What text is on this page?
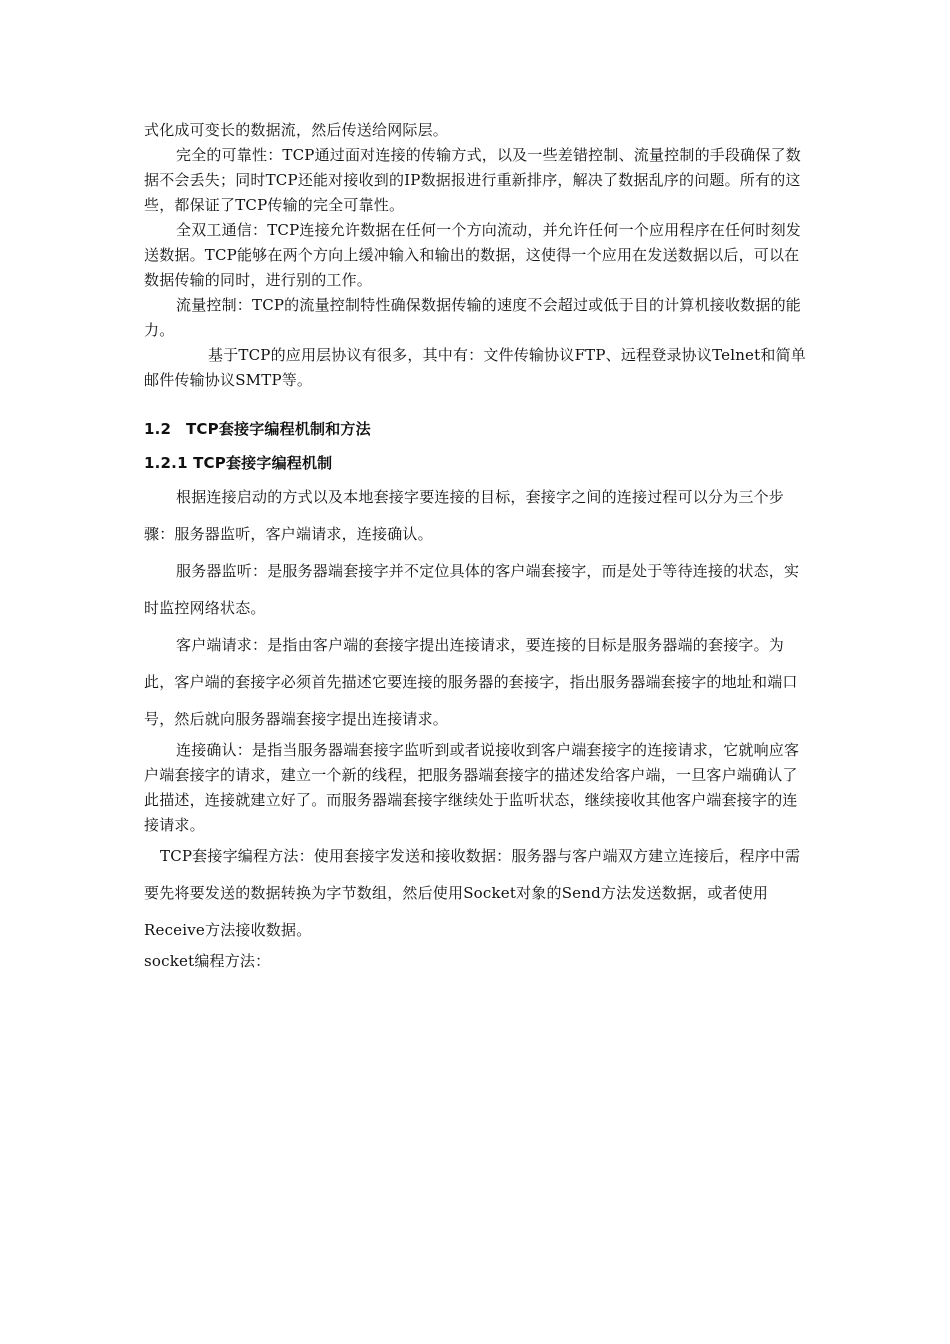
式化成可变长的数据流，然后传送给网际层。

完全的可靠性：TCP通过面对连接的传输方式，以及一些差错控制、流量控制的手段确保了数据不会丢失；同时TCP还能对接收到的IP数据报进行重新排序，解决了数据乱序的问题。所有的这些，都保证了TCP传输的完全可靠性。

全双工通信：TCP连接允许数据在任何一个方向流动，并允许任何一个应用程序在任何时刻发送数据。TCP能够在两个方向上缓冲输入和输出的数据，这使得一个应用在发送数据以后，可以在数据传输的同时，进行别的工作。

流量控制：TCP的流量控制特性确保数据传输的速度不会超过或低于目的计算机接收数据的能力。

基于TCP的应用层协议有很多，其中有：文件传输协议FTP、远程登录协议Telnet和简单邮件传输协议SMTP等。

1.2 TCP套接字编程机制和方法
1.2.1 TCP套接字编程机制

根据连接启动的方式以及本地套接字要连接的目标，套接字之间的连接过程可以分为三个步骤：服务器监听，客户端请求，连接确认。

服务器监听：是服务器端套接字并不定位具体的客户端套接字，而是处于等待连接的状态，实时监控网络状态。

客户端请求：是指由客户端的套接字提出连接请求，要连接的目标是服务器端的套接字。为此，客户端的套接字必须首先描述它要连接的服务器的套接字，指出服务器端套接字的地址和端口号，然后就向服务器端套接字提出连接请求。

连接确认：是指当服务器端套接字监听到或者说接收到客户端套接字的连接请求，它就响应客户端套接字的请求，建立一个新的线程，把服务器端套接字的描述发给客户端，一旦客户端确认了此描述，连接就建立好了。而服务器端套接字继续处于监听状态，继续接收其他客户端套接字的连接请求。

TCP套接字编程方法：使用套接字发送和接收数据：服务器与客户端双方建立连接后，程序中需要先将要发送的数据转换为字节数组，然后使用Socket对象的Send方法发送数据，或者使用Receive方法接收数据。

socket编程方法：
